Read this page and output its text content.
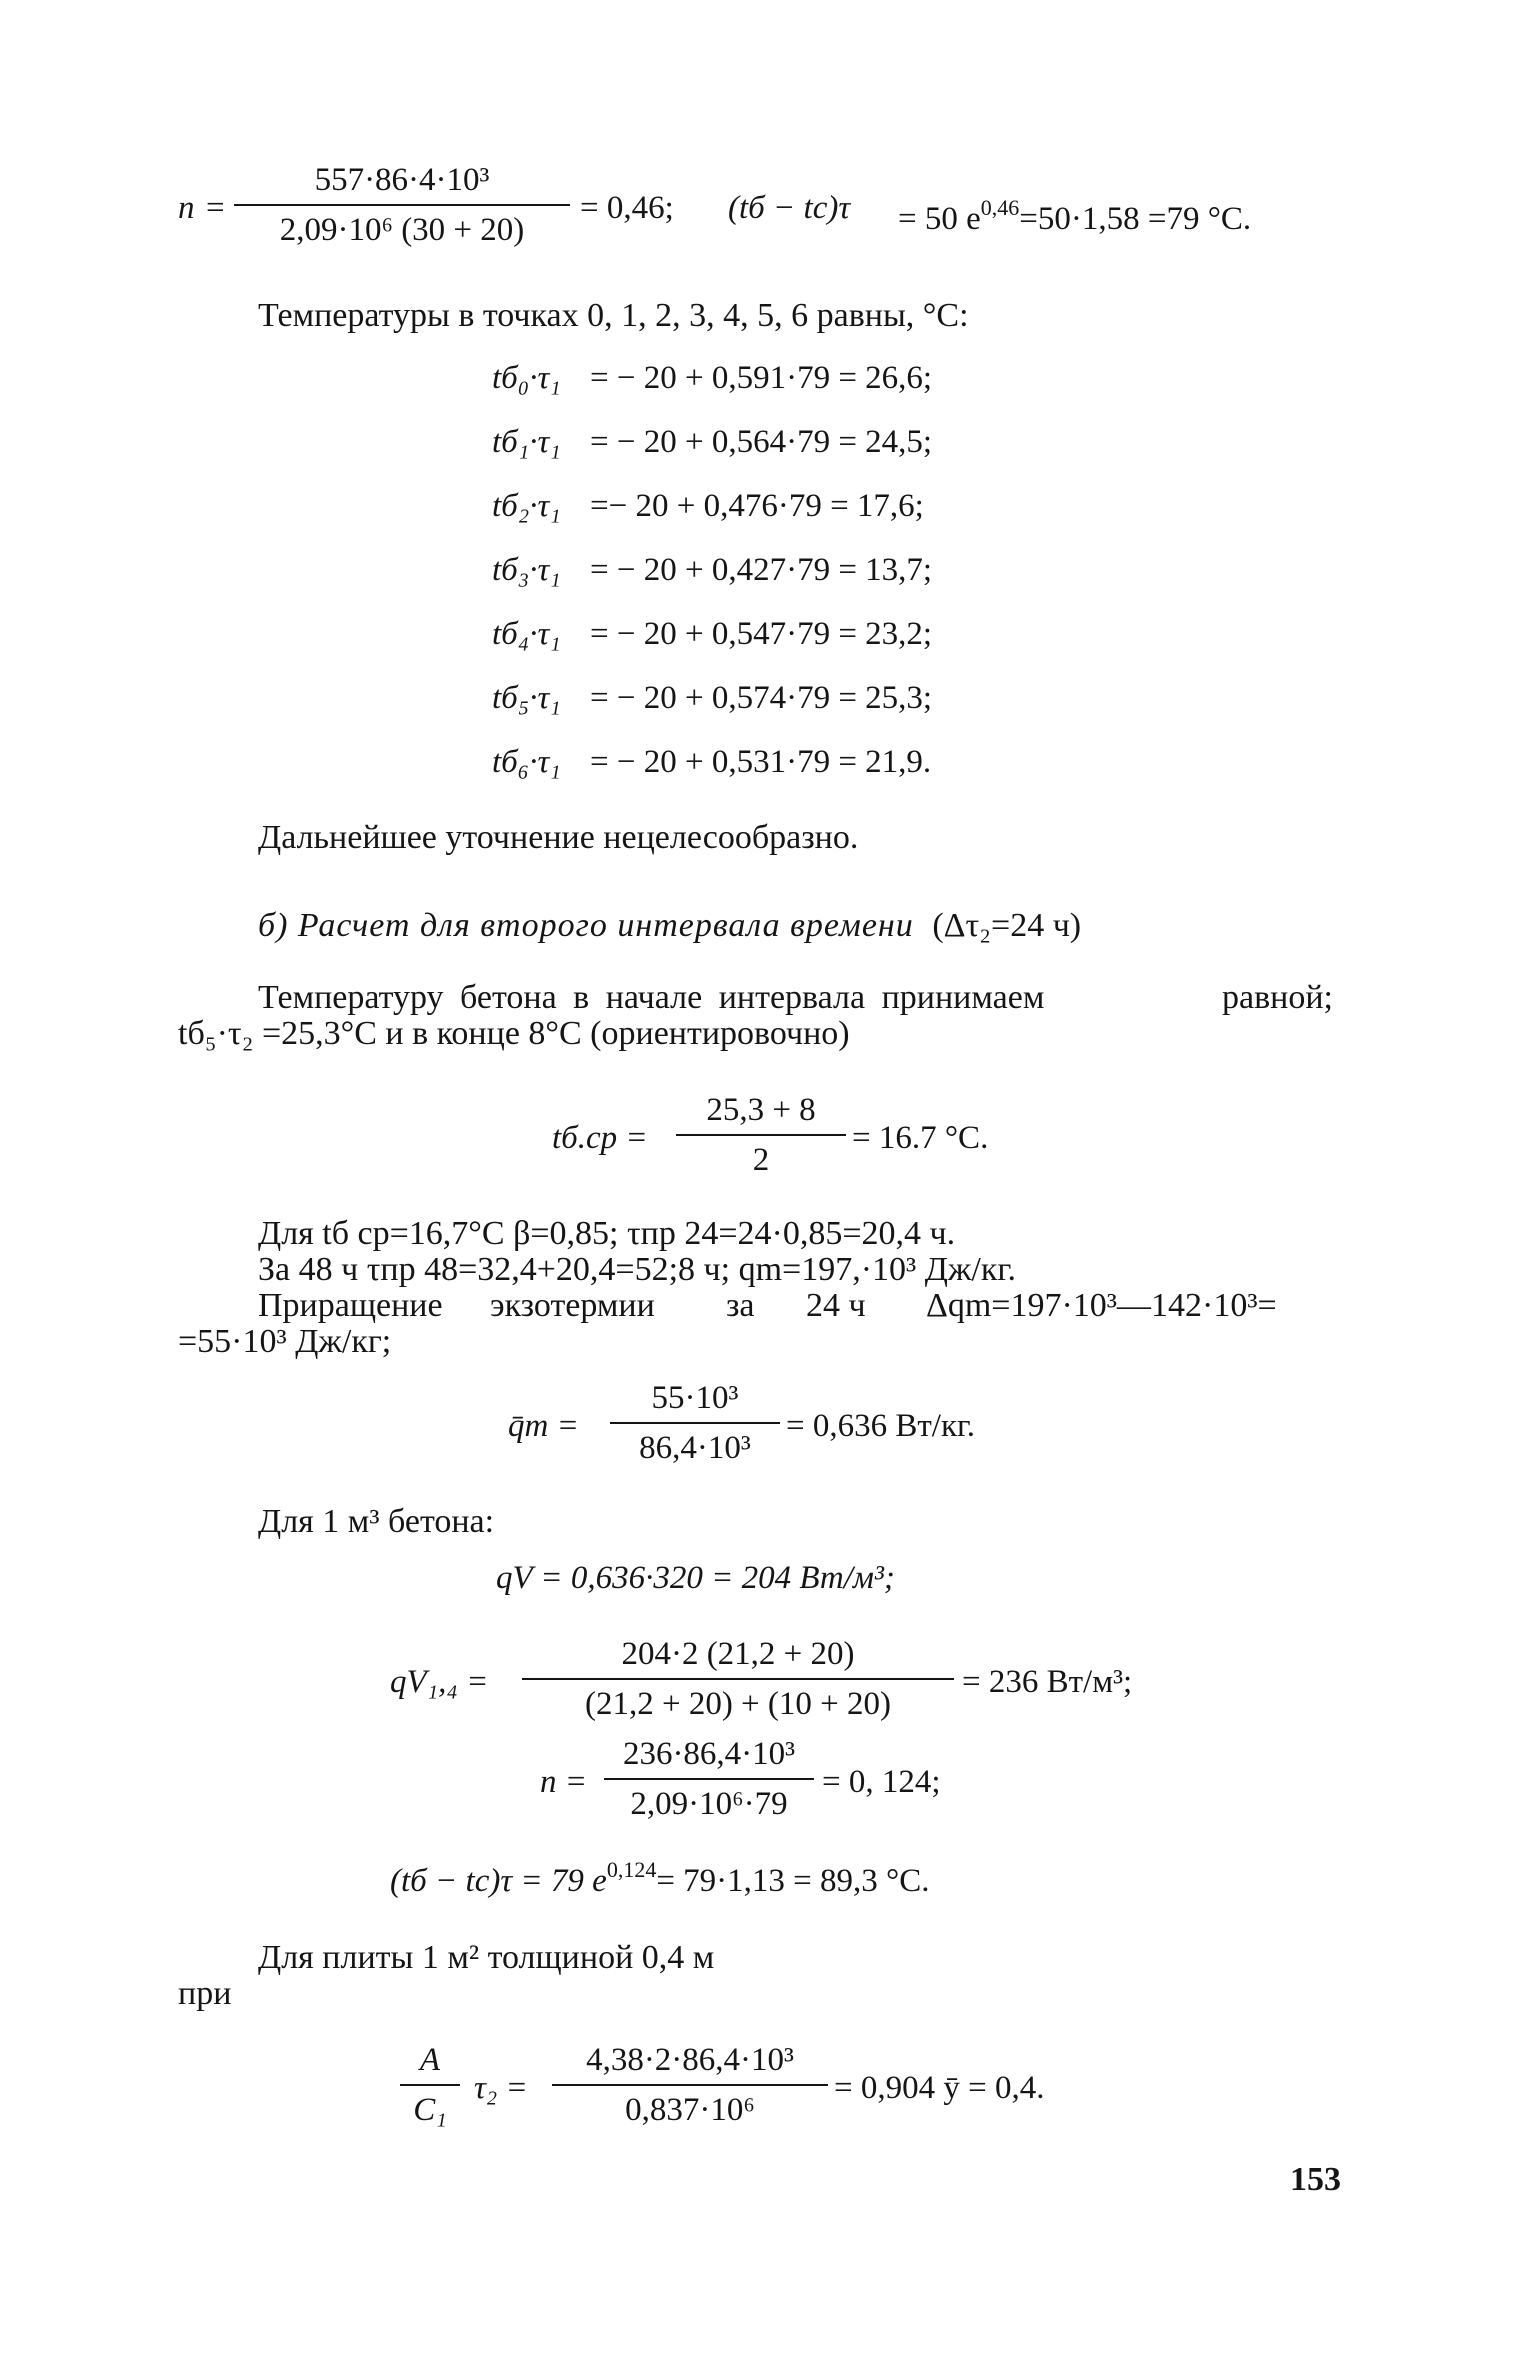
$n = \frac{\text{557·86·4·10³}}{\text{2,09·10⁶ (30 + 20)}} = 0,46$; (tб − tс)τ = 50 $e^{0,46}=50\cdot 1,58 =79$ °C.
Температуры в точках 0, 1, 2, 3, 4, 5, 6 равны, °C:
tб₀·τ₁ = − 20 + 0,591·79 = 26,6;
tб₁·τ₁ = − 20 + 0,564·79 = 24,5;
tб₂·τ₁ =− 20 + 0,476·79 = 17,6;
tб₃·τ₁ = − 20 + 0,427·79 = 13,7;
tб₄·τ₁ = − 20 + 0,547·79 = 23,2;
tб₅·τ₁ = − 20 + 0,574·79 = 25,3;
tб₆·τ₁ = − 20 + 0,531·79 = 21,9.
Дальнейшее уточнение нецелесообразно.
б) Расчет для второго интервала времени (Δτ₂=24 ч)
Температуру бетона в начале интервала принимаем	равной;
tб₅·τ₂ =25,3°C и в конце 8°C (ориентировочно)
$tб.ср = \frac{25,3 + 8}{2} = 16.7$ °C.
Для tб ср=16,7°C β=0,85; τпр 24=24·0,85=20,4 ч.
За 48 ч τпр 48=32,4+20,4=52;8 ч; qm=197,·10³ Дж/кг.
Приращение экзотермии за 24 ч Δqm=197·10³—142·10³=
=55·10³ Дж/кг;
q̄m = $\frac{\text{55·10³}}{\text{86,4·10³}} = 0,636$ Вт/кг.
Для 1 м³ бетона:
qV = 0,636·320 = 204 Вт/м³;
$qV_1,_4 = \frac{204\cdot 2 (21,2 + 20)}{(21,2 + 20) + (10 + 20)} = 236$ Вт/м³;
$n = \frac{\text{236·86,4·10³}}{\text{2,09·10⁶·79}} = 0$, 124;
(tб − tс)τ = 79 $e^{0,124}= 79\cdot 1,13 = 89,3$ °C.
Для плиты 1 м² толщиной 0,4 м
при
$\frac{A}{\text{C₁}} \tau_2 = \frac{\text{4,38·2·86,4·10³}}{\text{0,837·10⁶}} = 0,904$ ȳ = 0,4.
153
